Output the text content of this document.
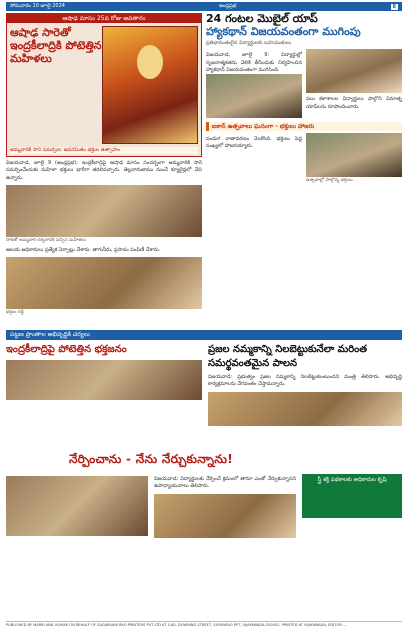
సోమవారం 10 జూలై 2024	ఆంధ్రప్రభ	8
ఆషాఢ మాసం 25వ రోజు అవతారం
ఆషాఢ సారెతో ఇంద్రకీలాద్రికి పోటెత్తిన మహిళలు
అమ్మవారికి సారె సమర్పణ; అపరమితం భక్తుల ఉత్సాహం
విజయవాడ, జూలై 9 (ఆంధ్రప్రభ): ఇంద్రకీలాద్రిపై ఆషాఢ మాసం సందర్భంగా అమ్మవారికి సారె సమర్పించేందుకు మహిళా భక్తులు భారీగా తరలివచ్చారు. తెల్లవారుజాము నుంచే క్యూలైన్లలో వేచి ఉన్నారు.
సారెతో అమ్మవారి దర్శనానికి వచ్చిన మహిళలు
ఆలయ అధికారులు ప్రత్యేక ఏర్పాట్లు చేశారు. తాగునీరు, ప్రసాదం పంపిణీ చేశారు.
భక్తుల రద్దీ
24 గంటల మొబైల్ యాప్
హ్యాకథాన్ విజయవంతంగా ముగింపు
ప్రతిభావంతులైన విద్యార్థులకు బహుమతులు
విజయవాడ, జూలై 9: విద్యార్థుల్లో సృజనాత్మకతను వెలికి తీసేందుకు నిర్వహించిన హ్యాకథాన్ విజయవంతంగా ముగిసింది.
పలు కళాశాలల విద్యార్థులు పాల్గొని వినూత్న యాప్‌లను రూపొందించారు.
ఐకాన్ ఉత్సవాలు ఘనంగా - భక్తులు హాజరు
పండుగ వాతావరణం నెలకొంది. భక్తులు పెద్ద సంఖ్యలో హాజరయ్యారు.
ఉత్సవాల్లో పాల్గొన్న భక్తులు
పట్టణ ప్రాంతాల అభివృద్ధికి చర్యలు
ఇంద్రకీలాద్రిపై పోటెత్తిన భక్తజనం	ప్రజల నమ్మకాన్ని నిలబెట్టుకునేలా మరింత సమర్థవంతమైన పాలన
విజయవాడ: ప్రభుత్వం ప్రజల నమ్మకాన్ని నిలబెట్టుకుంటుందని మంత్రి తెలిపారు. అభివృద్ధి కార్యక్రమాలను వేగవంతం చేస్తామన్నారు.
నేర్పించాను - నేను నేర్చుకున్నాను!
విజయవాడ: విద్యార్థులకు నేర్పించే క్రమంలో తానూ ఎంతో నేర్చుకున్నానని ఉపాధ్యాయురాలు తెలిపారు.
స్త్రీ శక్తి పథకాలకు అధికారుల కృషి
PUBLISHED BY MARRI ANIL KUMAR ON BEHALF OF SAGARVANI RAO PRINTERS PVT LTD AT 1/40, DOWNING STREET, SURYARAO PET, VIJAYAWADA-520002. PRINTED AT VIJAYAWADA, EDITOR: ...
